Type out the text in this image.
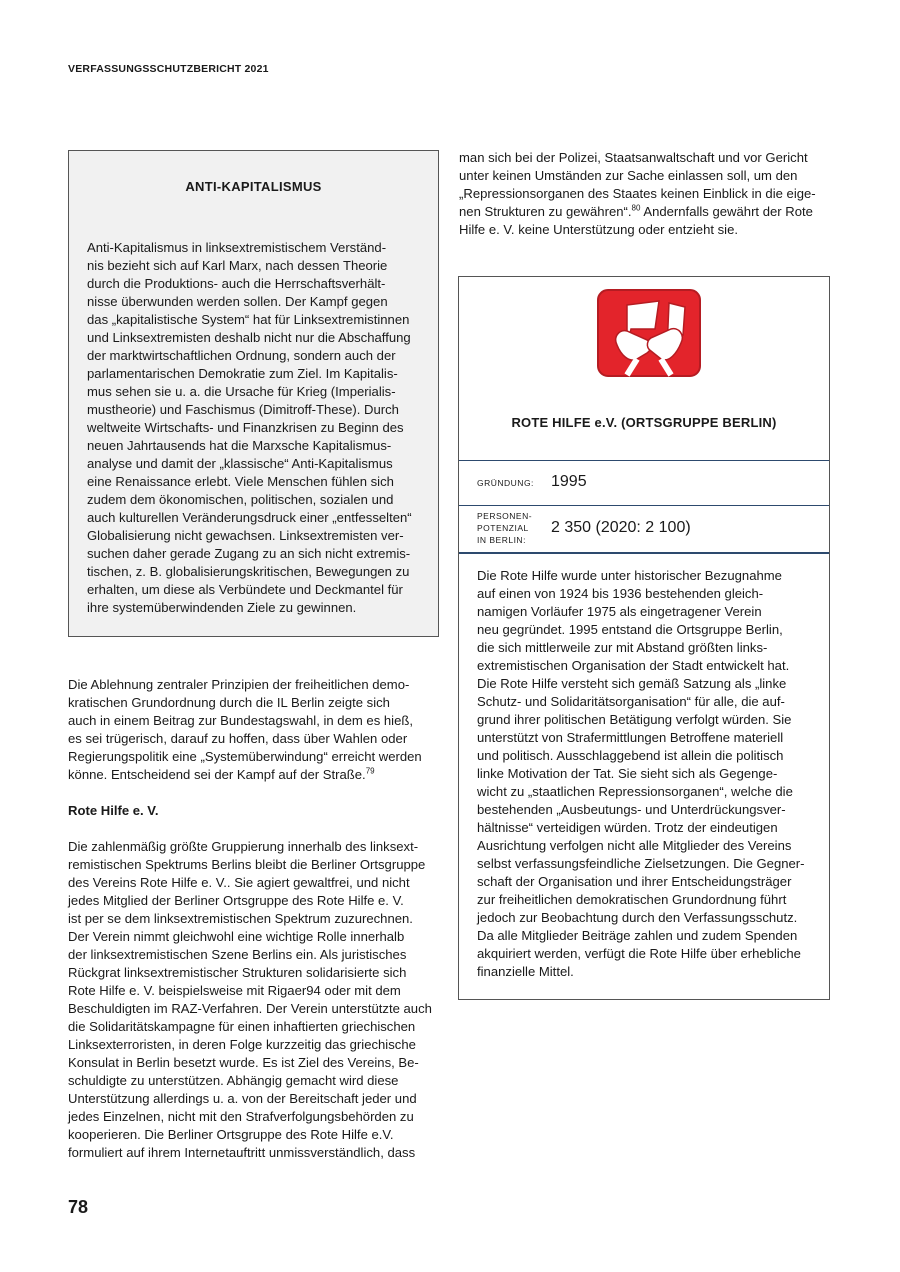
VERFASSUNGSSCHUTZBERICHT 2021
ANTI-KAPITALISMUS

Anti-Kapitalismus in linksextremistischem Verständ-
nis bezieht sich auf Karl Marx, nach dessen Theorie
durch die Produktions- auch die Herrschaftsverhält-
nisse überwunden werden sollen. Der Kampf gegen
das „kapitalistische System“ hat für Linksextremistinnen
und Linksextremisten deshalb nicht nur die Abschaffung
der marktwirtschaftlichen Ordnung, sondern auch der
parlamentarischen Demokratie zum Ziel. Im Kapitalis-
mus sehen sie u. a. die Ursache für Krieg (Imperialis-
mustheorie) und Faschismus (Dimitroff-These). Durch
weltweite Wirtschafts- und Finanzkrisen zu Beginn des
neuen Jahrtausends hat die Marxsche Kapitalismus-
analyse und damit der „klassische“ Anti-Kapitalismus
eine Renaissance erlebt. Viele Menschen fühlen sich
zudem dem ökonomischen, politischen, sozialen und
auch kulturellen Veränderungsdruck einer „entfesselten“
Globalisierung nicht gewachsen. Linksextremisten ver-
suchen daher gerade Zugang zu an sich nicht extremis-
tischen, z. B. globalisierungskritischen, Bewegungen zu
erhalten, um diese als Verbündete und Deckmantel für
ihre systemüberwindenden Ziele zu gewinnen.

Die Ablehnung zentraler Prinzipien der freiheitlichen demo-
kratischen Grundordnung durch die IL Berlin zeigte sich
auch in einem Beitrag zur Bundestagswahl, in dem es hieß,
es sei trügerisch, darauf zu hoffen, dass über Wahlen oder
Regierungspolitik eine „Systemüberwindung“ erreicht werden
könne. Entscheidend sei der Kampf auf der Straße.$^{79}$

Rote Hilfe e. V.

Die zahlenmäßig größte Gruppierung innerhalb des linksext-
remistischen Spektrums Berlins bleibt die Berliner Ortsgruppe
des Vereins Rote Hilfe e. V.. Sie agiert gewaltfrei, und nicht
jedes Mitglied der Berliner Ortsgruppe des Rote Hilfe e. V.
ist per se dem linksextremistischen Spektrum zuzurechnen.
Der Verein nimmt gleichwohl eine wichtige Rolle innerhalb
der linksextremistischen Szene Berlins ein. Als juristisches
Rückgrat linksextremistischer Strukturen solidarisierte sich
Rote Hilfe e. V. beispielsweise mit Rigaer94 oder mit dem
Beschuldigten im RAZ-Verfahren. Der Verein unterstützte auch
die Solidaritätskampagne für einen inhaftierten griechischen
Linksexterroristen, in deren Folge kurzzeitig das griechische
Konsulat in Berlin besetzt wurde. Es ist Ziel des Vereins, Be-
schuldigte zu unterstützen. Abhängig gemacht wird diese
Unterstützung allerdings u. a. von der Bereitschaft jeder und
jedes Einzelnen, nicht mit den Strafverfolgungsbehörden zu
kooperieren. Die Berliner Ortsgruppe des Rote Hilfe e.V.
formuliert auf ihrem Internetauftritt unmissverständlich, dass

man sich bei der Polizei, Staatsanwaltschaft und vor Gericht
unter keinen Umständen zur Sache einlassen soll, um den
„Repressionsorganen des Staates keinen Einblick in die eige-
nen Strukturen zu gewähren“.$^{80}$ Andernfalls gewährt der Rote
Hilfe e. V. keine Unterstützung oder entzieht sie.

ROTE HILFE e.V. (ORTSGRUPPE BERLIN)
GRÜNDUNG: 1995
PERSONEN-
POTENZIAL
IN BERLIN:
2 350 (2020: 2 100)

Die Rote Hilfe wurde unter historischer Bezugnahme
auf einen von 1924 bis 1936 bestehenden gleich-
namigen Vorläufer 1975 als eingetragener Verein
neu gegründet. 1995 entstand die Ortsgruppe Berlin,
die sich mittlerweile zur mit Abstand größten links-
extremistischen Organisation der Stadt entwickelt hat.
Die Rote Hilfe versteht sich gemäß Satzung als „linke
Schutz- und Solidaritätsorganisation“ für alle, die auf-
grund ihrer politischen Betätigung verfolgt würden. Sie
unterstützt von Strafermittlungen Betroffene materiell
und politisch. Ausschlaggebend ist allein die politisch
linke Motivation der Tat. Sie sieht sich als Gegenge-
wicht zu „staatlichen Repressionsorganen“, welche die
bestehenden „Ausbeutungs- und Unterdrückungsver-
hältnisse“ verteidigen würden. Trotz der eindeutigen
Ausrichtung verfolgen nicht alle Mitglieder des Vereins
selbst verfassungsfeindliche Zielsetzungen. Die Gegner-
schaft der Organisation und ihrer Entscheidungsträger
zur freiheitlichen demokratischen Grundordnung führt
jedoch zur Beobachtung durch den Verfassungsschutz.
Da alle Mitglieder Beiträge zahlen und zudem Spenden
akquiriert werden, verfügt die Rote Hilfe über erhebliche
finanzielle Mittel.

78
